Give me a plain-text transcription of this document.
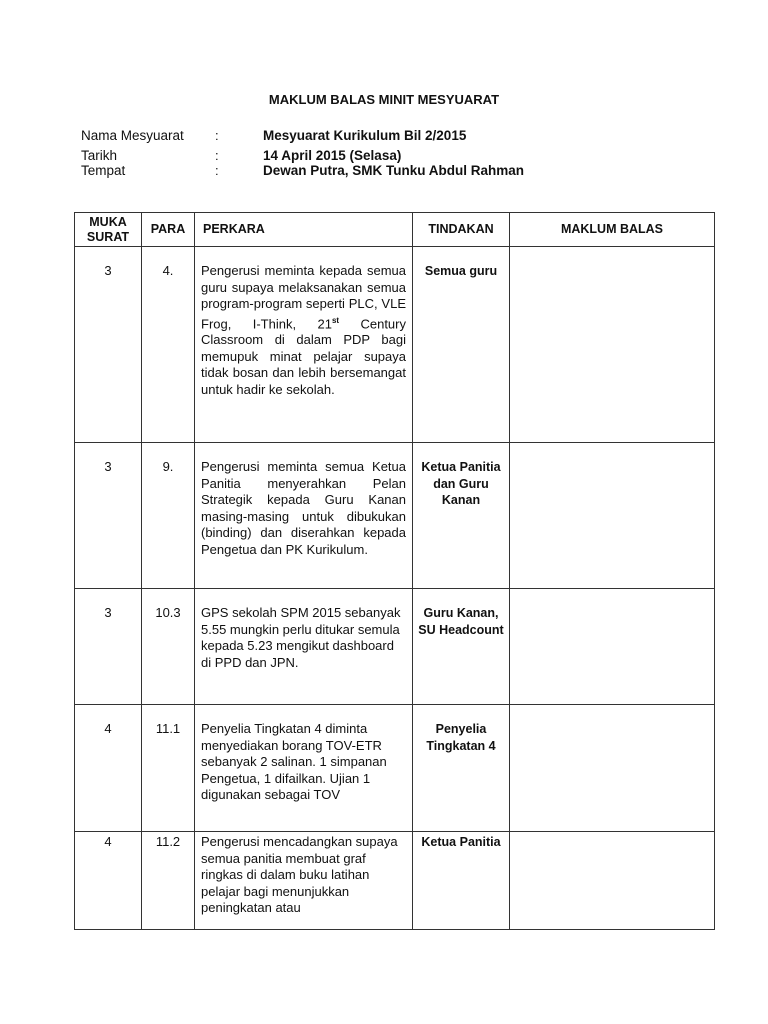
MAKLUM BALAS MINIT MESYUARAT
Nama Mesyuarat	:	Mesyuarat Kurikulum Bil 2/2015
Tarikh	:	14 April 2015 (Selasa)
Tempat	:	Dewan Putra, SMK Tunku Abdul Rahman
MUKA SURAT	PARA	PERKARA	TINDAKAN	MAKLUM BALAS

3	4.	Pengerusi meminta kepada semua guru supaya melaksanakan semua program-program seperti PLC, VLE Frog, I-Think, 21st Century Classroom di dalam PDP bagi memupuk minat pelajar supaya tidak bosan dan lebih bersemangat untuk hadir ke sekolah.	Semua guru	

3	9.	Pengerusi meminta semua Ketua Panitia menyerahkan Pelan Strategik kepada Guru Kanan masing-masing untuk dibukukan (binding) dan diserahkan kepada Pengetua dan PK Kurikulum.	Ketua Panitia dan Guru Kanan	

3	10.3	GPS sekolah SPM 2015 sebanyak 5.55 mungkin perlu ditukar semula kepada 5.23 mengikut dashboard di PPD dan JPN.	Guru Kanan, SU Headcount	

4	11.1	Penyelia Tingkatan 4 diminta menyediakan borang TOV-ETR sebanyak 2 salinan. 1 simpanan Pengetua, 1 difailkan. Ujian 1 digunakan sebagai TOV	Penyelia Tingkatan 4	

4	11.2	Pengerusi mencadangkan supaya semua panitia membuat graf ringkas di dalam buku latihan pelajar bagi menunjukkan peningkatan atau	Ketua Panitia	
